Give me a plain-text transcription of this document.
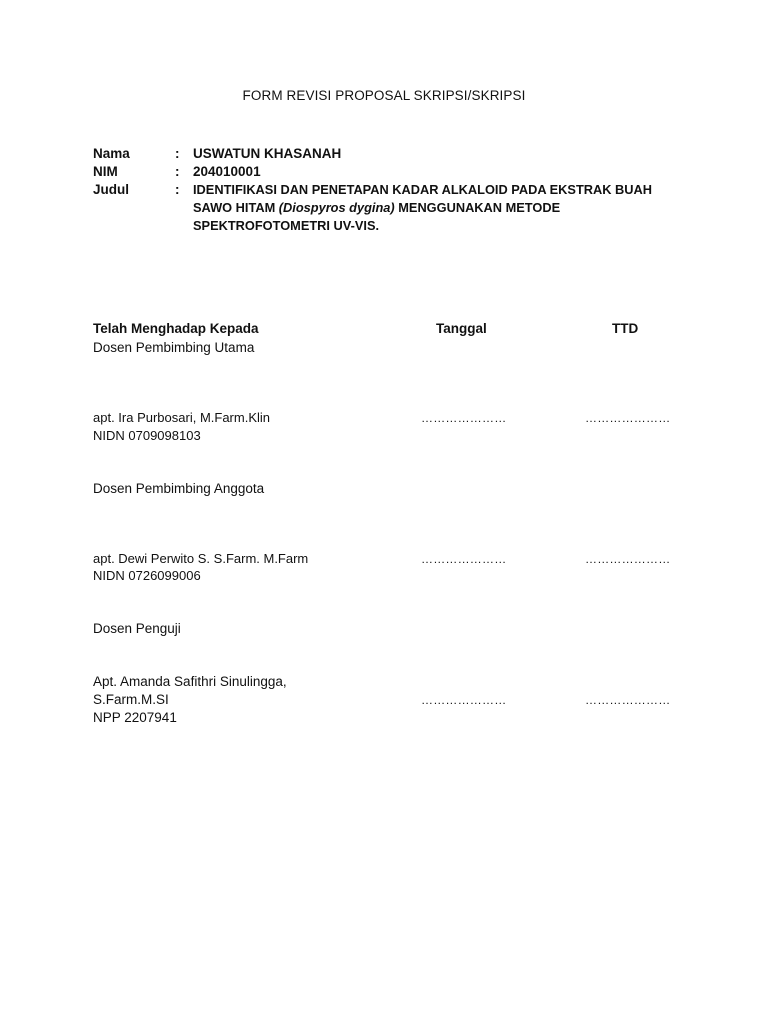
FORM REVISI PROPOSAL SKRIPSI/SKRIPSI
Nama	: USWATUN KHASANAH
NIM	: 204010001
Judul	: IDENTIFIKASI DAN PENETAPAN KADAR ALKALOID PADA EKSTRAK BUAH
SAWO HITAM (Diospyros dygina) MENGGUNAKAN METODE
SPEKTROFOTOMETRI UV-VIS.
Telah Menghadap Kepada	Tanggal	TTD
Dosen Pembimbing Utama
apt. Ira Purbosari, M.Farm.Klin	…………………	…………………
NIDN 0709098103
Dosen Pembimbing Anggota
apt. Dewi Perwito S. S.Farm. M.Farm	…………………	…………………
NIDN 0726099006
Dosen Penguji
Apt. Amanda Safithri Sinulingga,
S.Farm.M.SI	…………………	…………………
NPP 2207941
